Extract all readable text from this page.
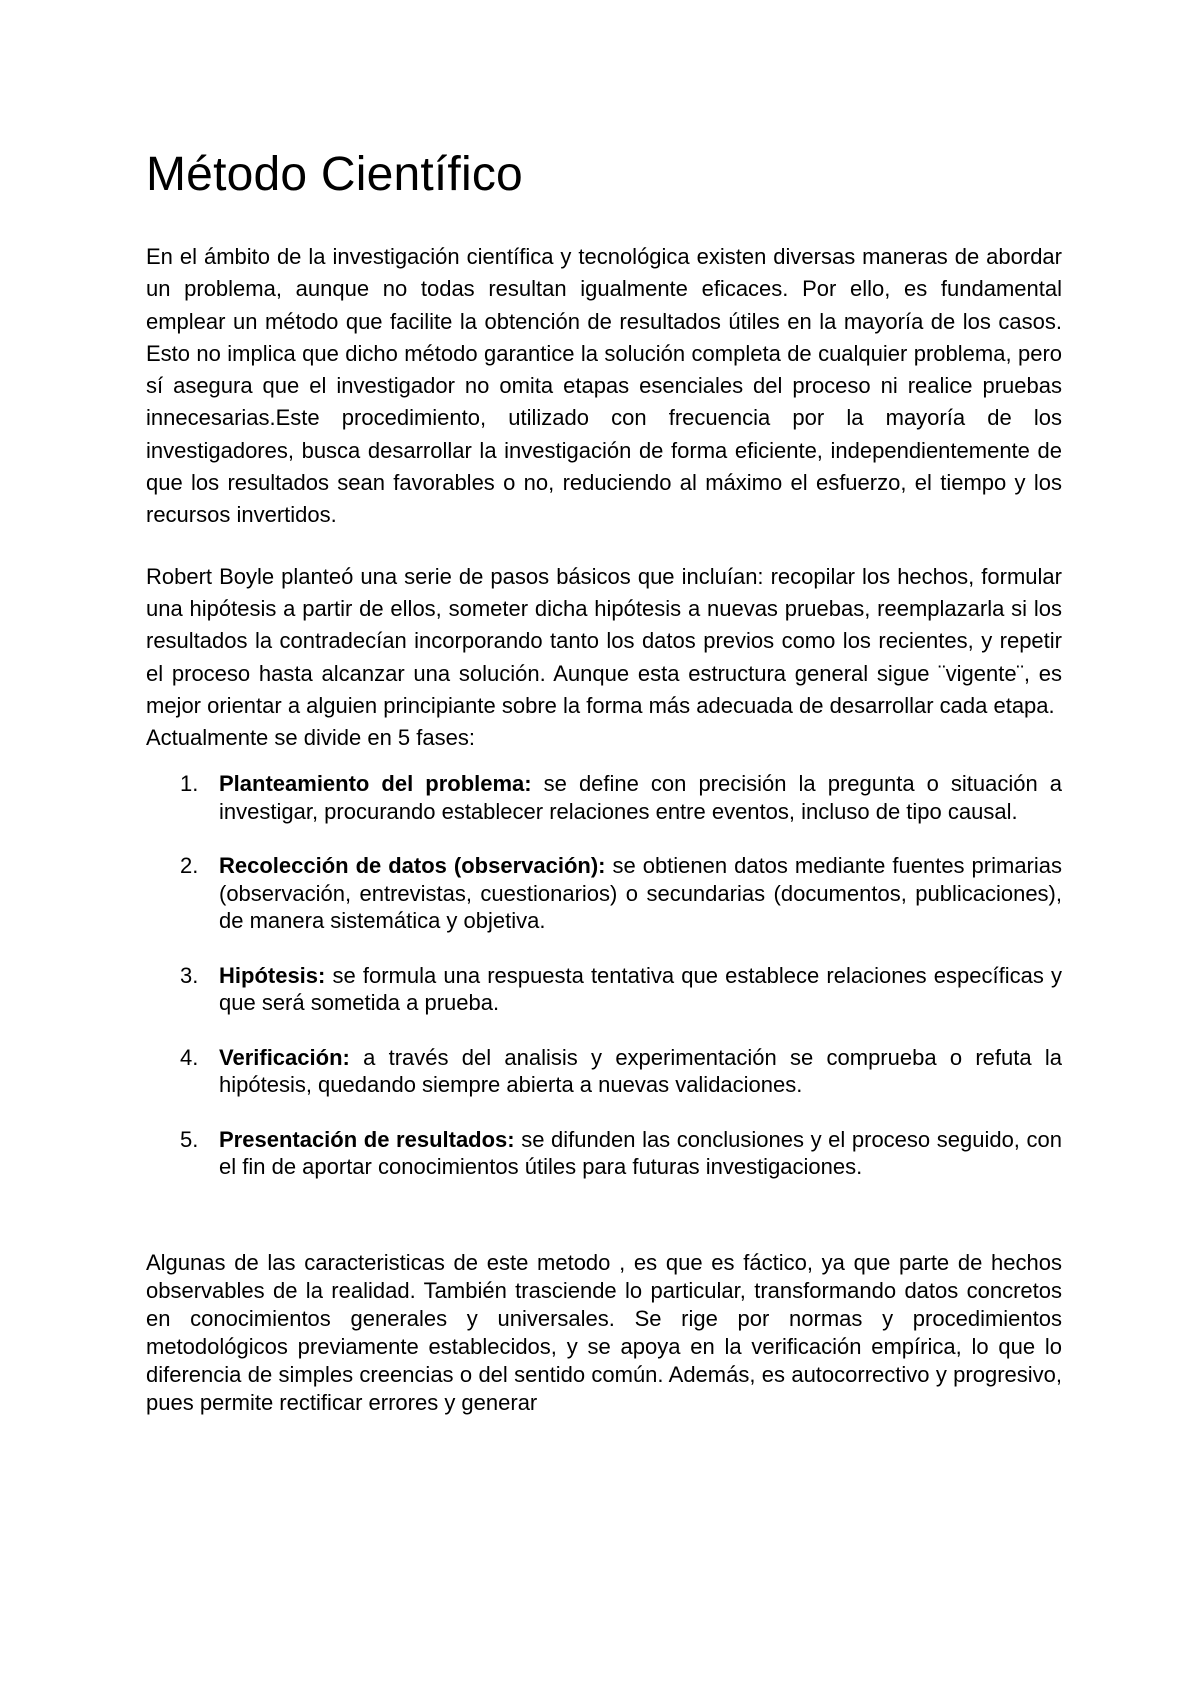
Método Científico

En el ámbito de la investigación científica y tecnológica existen diversas maneras de abordar un problema, aunque no todas resultan igualmente eficaces. Por ello, es fundamental emplear un método que facilite la obtención de resultados útiles en la mayoría de los casos. Esto no implica que dicho método garantice la solución completa de cualquier problema, pero sí asegura que el investigador no omita etapas esenciales del proceso ni realice pruebas innecesarias.Este procedimiento, utilizado con frecuencia por la mayoría de los investigadores, busca desarrollar la investigación de forma eficiente, independientemente de que los resultados sean favorables o no, reduciendo al máximo el esfuerzo, el tiempo y los recursos invertidos.

Robert Boyle planteó una serie de pasos básicos que incluían: recopilar los hechos, formular una hipótesis a partir de ellos, someter dicha hipótesis a nuevas pruebas, reemplazarla si los resultados la contradecían incorporando tanto los datos previos como los recientes, y repetir el proceso hasta alcanzar una solución. Aunque esta estructura general sigue ¨vigente¨, es mejor orientar a alguien principiante sobre la forma más adecuada de desarrollar cada etapa.

Actualmente se divide en 5 fases:

1. Planteamiento del problema: se define con precisión la pregunta o situación a investigar, procurando establecer relaciones entre eventos, incluso de tipo causal.
2. Recolección de datos (observación): se obtienen datos mediante fuentes primarias (observación, entrevistas, cuestionarios) o secundarias (documentos, publicaciones), de manera sistemática y objetiva.
3. Hipótesis: se formula una respuesta tentativa que establece relaciones específicas y que será sometida a prueba.
4. Verificación: a través del analisis y experimentación se comprueba o refuta la hipótesis, quedando siempre abierta a nuevas validaciones.
5. Presentación de resultados: se difunden las conclusiones y el proceso seguido, con el fin de aportar conocimientos útiles para futuras investigaciones.

Algunas de las caracteristicas de este metodo , es que es fáctico, ya que parte de hechos observables de la realidad. También trasciende lo particular, transformando datos concretos en conocimientos generales y universales. Se rige por normas y procedimientos metodológicos previamente establecidos, y se apoya en la verificación empírica, lo que lo diferencia de simples creencias o del sentido común. Además, es autocorrectivo y progresivo, pues permite rectificar errores y generar
